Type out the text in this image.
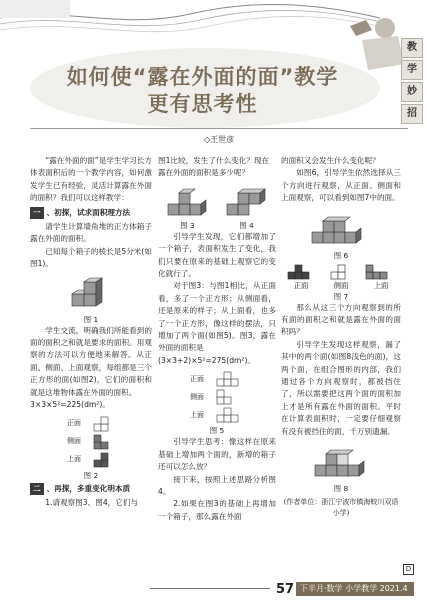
如何使“露在外面的面”教学
更有思考性
◇王世彦
教
学
妙
招

“露在外面的面”是学生学习长方体表面积后的一个教学内容，如何激发学生已有经验，灵活计算露在外面的面积？我们可以这样教学：

一 、初探，试求面积理方法

请学生计算墙角堆的正方体箱子露在外面的面积。

已知每个箱子的棱长是5分米(如图1)。

图 1

学生交流，明确我们所能看到的面的面积之和就是要求的面积。用观察的方法可以方便地来解答。从正面、侧面、上面观察，每组都是三个正方形的面(如图2)，它们的面积和就是这堆物体露在外面的面积。

3×3×5²=225(dm²)。

正面
侧面
上面
图 2
二 、再探，多重变化明本质

1.请观察图3、图4，它们与

图1比较，发生了什么变化？现在露在外面的面积是多少呢？

图 3	图 4

引导学生发现，它们都增加了一个箱子，表面积发生了变化，我们只要在原来的基础上观察它的变化就行了。

对于图3：与图1相比，从正面看，多了一个正方形；从侧面看，还是原来的样子；从上面看，也多了一个正方形，像这样的摆法，只增加了两个面(如图5)。图3，露在外面的面积是

(3×3+2)×5²=275(dm²)。

正面
侧面
上面
图 5

引导学生思考：像这样在原来基础上增加两个面的，新增的箱子还可以怎么放？

接下来，按照上述思路分析图4。

2.如果在图3的基础上再增加一个箱子，那么露在外面

的面积又会发生什么变化呢？

如图6，引导学生依然选择从三个方向进行观察，从正面、侧面和上面观察，可以看到如图7中的面。

图 6
正面	侧面	上面
图 7

那么从这三个方向观察到的所有面的面积之和就是露在外面的面积吗？

引导学生发现这样观察，漏了其中的两个面(如图8浅色的面)，这两个面，在组合图形的内部，我们通过各个方向观察时，都被挡住了，所以需要把这两个面的面积加上才是所有露在外面的面积。平时在计算表面积时，一定要仔细观察有没有被挡住的面，千万别遗漏。

图 8

(作者单位：浙江宁波市镇海蛟川双语小学)

D
57 下半月·数学 小学教学 2021.4
